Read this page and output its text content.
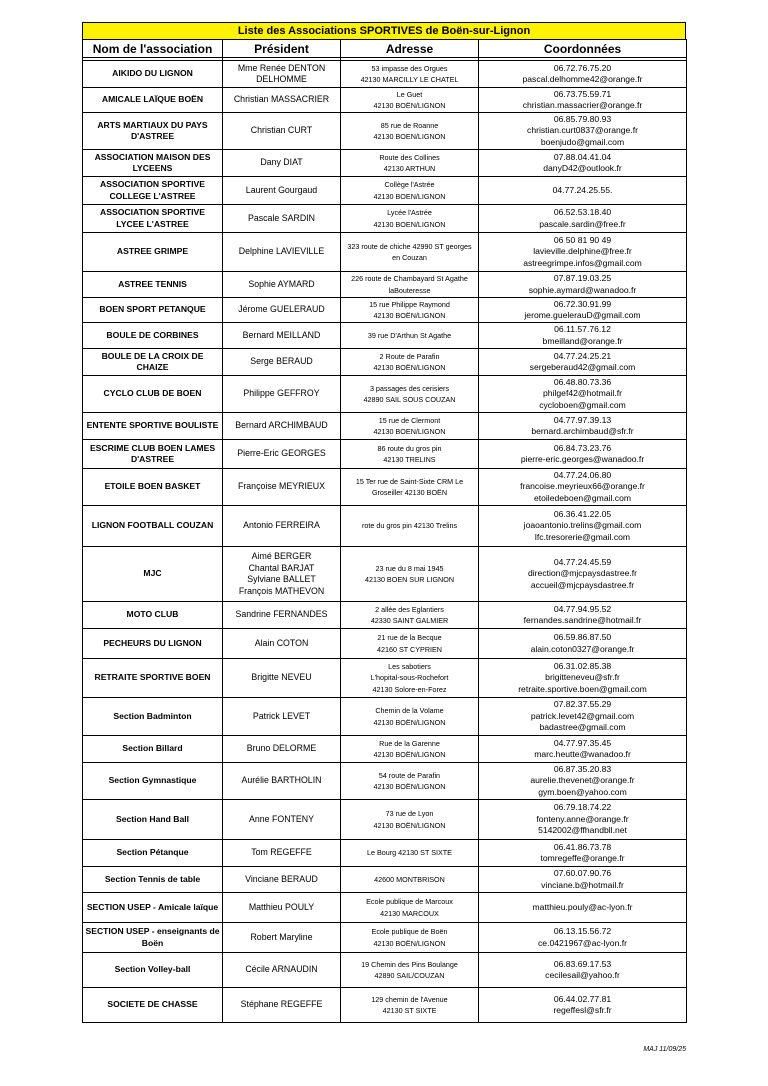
Liste des Associations SPORTIVES de Boën-sur-Lignon
Nom de l'association	Président	Adresse	Coordonnées

AIKIDO DU LIGNON	Mme Renée DENTON
DELHOMME	53 impasse des Orgues
42130 MARCILLY LE CHATEL	06.72.76.75.20
pascal.delhomme42@orange.fr

AMICALE LAÏQUE BOËN	Christian MASSACRIER	Le Guet
42130 BOËN/LIGNON	06.73.75.59.71
christian.massacrier@orange.fr

ARTS MARTIAUX DU PAYS D'ASTREE	Christian CURT	85 rue de Roanne
42130 BOEN/LIGNON	06.85.79.80.93
christian.curt0837@orange.fr
boenjudo@gmail.com

ASSOCIATION MAISON DES LYCEENS	Dany DIAT	Route des Collines
42130 ARTHUN	07.88.04.41.04
danyD42@outlook.fr

ASSOCIATION SPORTIVE COLLEGE L'ASTREE	Laurent Gourgaud	Collège l'Astrée
42130 BOEN/LIGNON	04.77.24.25.55.

ASSOCIATION SPORTIVE LYCEE L'ASTREE	Pascale SARDIN	Lycée l'Astrée
42130 BOEN/LIGNON	06.52.53.18.40
pascale.sardin@free.fr

ASTREE GRIMPE	Delphine LAVIEVILLE	323 route de chiche 42990 ST georges en Couzan	06 50 81 90 49
lavieville.delphine@free.fr
astreegrimpe.infos@gmail.com

ASTREE TENNIS	Sophie AYMARD	226 route de Chambayard St Agathe laBouteresse	07.87.19.03.25
sophie.aymard@wanadoo.fr

BOEN SPORT PETANQUE	Jérome GUELERAUD	15 rue Philippe Raymond
42130 BOËN/LIGNON	06.72.30.91.99
jerome.guelerauD@gmail.com

BOULE DE CORBINES	Bernard MEILLAND	39 rue D'Arthun St Agathe	06.11.57.76.12
bmeilland@orange.fr

BOULE DE LA CROIX DE CHAIZE	Serge BERAUD	2 Route de Parafin
42130 BOËN/LIGNON	04.77.24.25.21
sergeberaud42@gmail.com

CYCLO CLUB DE BOEN	Philippe GEFFROY	3 passages des cerisiers
42890 SAIL SOUS COUZAN	06.48.80.73.36
philgef42@hotmail.fr
cycloboen@gmail.com

ENTENTE SPORTIVE BOULISTE	Bernard ARCHIMBAUD	15 rue de Clermont
42130 BOEN/LIGNON	04.77.97.39.13
bernard.archimbaud@sfr.fr

ESCRIME CLUB BOEN LAMES D'ASTREE	Pierre-Eric GEORGES	86 route du gros pin
42130 TRELINS	06.84.73.23.76
pierre-eric.georges@wanadoo.fr

ETOILE BOEN BASKET	Françoise MEYRIEUX	15 Ter rue de Saint-Sixte CRM Le Groseiller 42130 BOËN	04.77.24.06.80
francoise.meyrieux66@orange.fr
etoiledeboen@gmail.com

LIGNON FOOTBALL COUZAN	Antonio FERREIRA	rote du gros pin 42130 Trelins	06.36.41.22.05
joaoantonio.trelins@gmail.com
lfc.tresorerie@gmail.com

MJC	Aimé BERGER
Chantal BARJAT
Sylviane BALLET
François MATHEVON	23 rue du 8 mai 1945
42130 BOEN SUR LIGNON	04.77.24.45.59
direction@mjcpaysdastree.fr
accueil@mjcpaysdastree.fr

MOTO CLUB	Sandrine FERNANDES	2 allée des Eglantiers
42330 SAINT GALMIER	04.77.94.95.52
fernandes.sandrine@hotmail.fr

PECHEURS DU LIGNON	Alain COTON	21 rue de la Becque
42160 ST CYPRIEN	06.59.86.87.50
alain.coton0327@orange.fr

RETRAITE SPORTIVE BOEN	Brigitte NEVEU	Les sabotiers
L'hopital-sous-Rochefort
42130 Solore-en-Forez	06.31.02.85.38
brigitteneveu@sfr.fr
retraite.sportive.boen@gmail.com

Section Badminton	Patrick LEVET	Chemin de la Volame
42130 BOËN/LIGNON	07.82.37.55.29
patrick.levet42@gmail.com
badastree@gmail.com

Section Billard	Bruno DELORME	Rue de la Garenne
42130 BOËN/LIGNON	04.77.97.35.45
marc.heutte@wanadoo.fr

Section Gymnastique	Aurélie BARTHOLIN	54 route de Parafin
42130 BOËN/LIGNON	06.87.35.20.83
aurelie.thevenet@orange.fr
gym.boen@yahoo.com

Section Hand Ball	Anne FONTENY	73 rue de Lyon
42130 BOËN/LIGNON	06.79.18.74.22
fonteny.anne@orange.fr
5142002@ffhandbll.net

Section Pétanque	Tom REGEFFE	Le Bourg 42130 ST SIXTE	06.41.86.73.78
tomregeffe@orange.fr

Section Tennis de table	Vinciane BERAUD	42600 MONTBRISON	07.60.07.90.76
vinciane.b@hotmail.fr

SECTION USEP - Amicale laïque	Matthieu POULY	Ecole publique de Marcoux
42130 MARCOUX	matthieu.pouly@ac-lyon.fr

SECTION USEP - enseignants de Boën	Robert Maryline	Ecole publique de Boën
42130 BOËN/LIGNON	06.13.15.56.72
ce.0421967@ac-lyon.fr

Section Volley-ball	Cécile ARNAUDIN	19 Chemin des Pins Boulange
42890 SAIL/COUZAN	06.83.69.17.53
cecilesail@yahoo.fr

SOCIETE DE CHASSE	Stéphane REGEFFE	129 chemin de l'Avenue
42130 ST SIXTE	06.44.02.77.81
regeffesl@sfr.fr
MAJ 11/09/25
